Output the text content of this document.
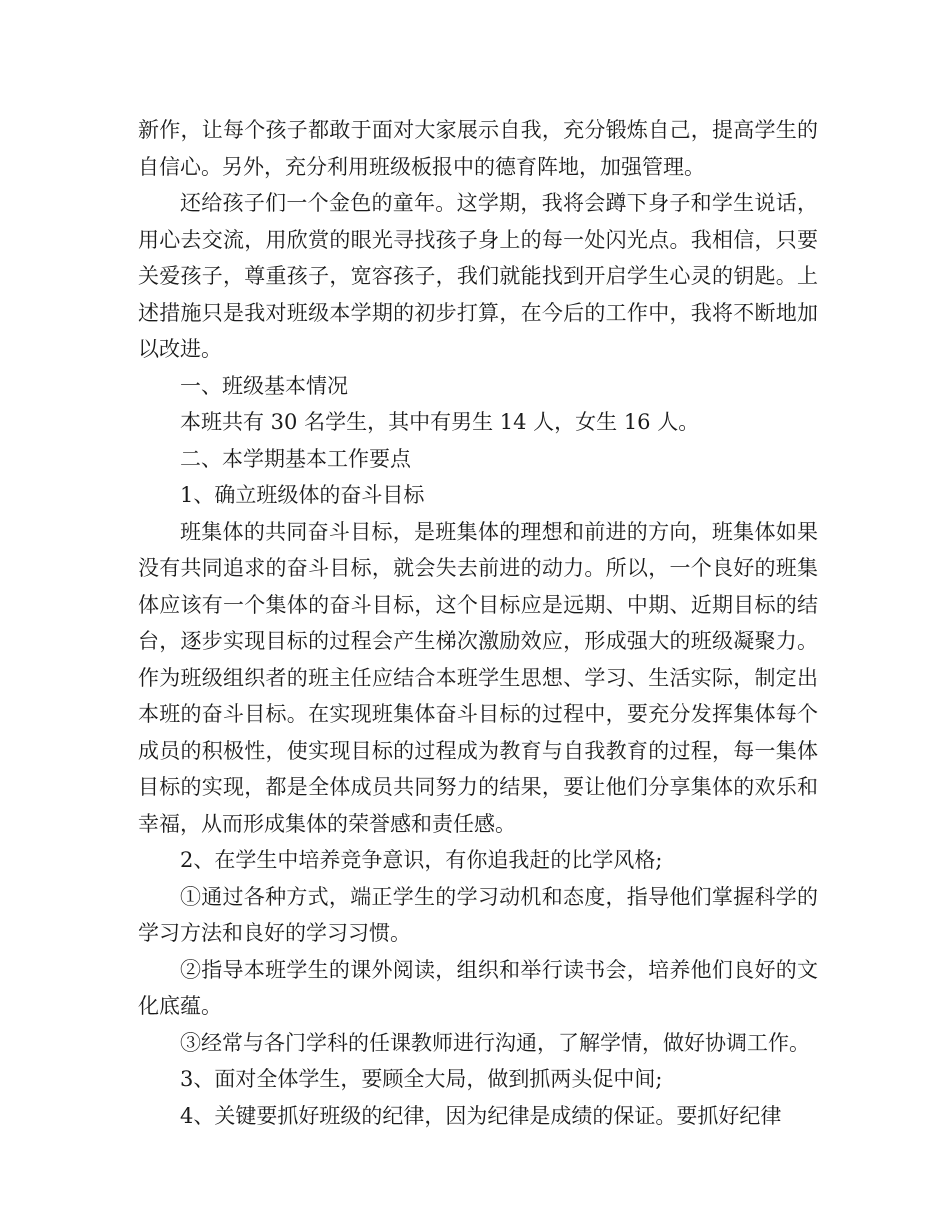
新作，让每个孩子都敢于面对大家展示自我，充分锻炼自己，提高学生的自信心。另外，充分利用班级板报中的德育阵地，加强管理。

还给孩子们一个金色的童年。这学期，我将会蹲下身子和学生说话，用心去交流，用欣赏的眼光寻找孩子身上的每一处闪光点。我相信，只要关爱孩子，尊重孩子，宽容孩子，我们就能找到开启学生心灵的钥匙。上述措施只是我对班级本学期的初步打算，在今后的工作中，我将不断地加以改进。

一、班级基本情况

本班共有 30 名学生，其中有男生 14 人，女生 16 人。

二、本学期基本工作要点

1、确立班级体的奋斗目标

班集体的共同奋斗目标，是班集体的理想和前进的方向，班集体如果没有共同追求的奋斗目标，就会失去前进的动力。所以，一个良好的班集体应该有一个集体的奋斗目标，这个目标应是远期、中期、近期目标的结台，逐步实现目标的过程会产生梯次激励效应，形成强大的班级凝聚力。作为班级组织者的班主任应结合本班学生思想、学习、生活实际，制定出本班的奋斗目标。在实现班集体奋斗目标的过程中，要充分发挥集体每个成员的积极性，使实现目标的过程成为教育与自我教育的过程，每一集体目标的实现，都是全体成员共同努力的结果，要让他们分享集体的欢乐和幸福，从而形成集体的荣誉感和责任感。

2、在学生中培养竞争意识，有你追我赶的比学风格;

①通过各种方式，端正学生的学习动机和态度，指导他们掌握科学的学习方法和良好的学习习惯。

②指导本班学生的课外阅读，组织和举行读书会，培养他们良好的文化底蕴。

③经常与各门学科的任课教师进行沟通，了解学情，做好协调工作。

3、面对全体学生，要顾全大局，做到抓两头促中间;

4、关键要抓好班级的纪律，因为纪律是成绩的保证。要抓好纪律
